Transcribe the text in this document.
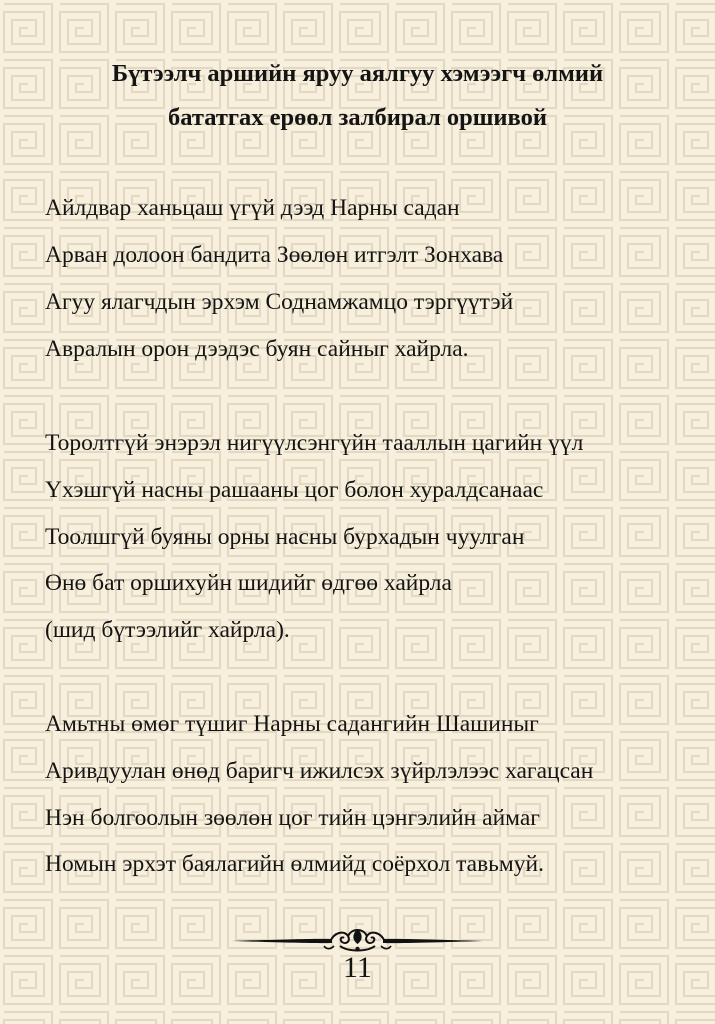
Бүтээлч аршийн яруу аялгуу хэмээгч өлмий

бататгах ерөөл залбирал оршивой

Айлдвар ханьцаш үгүй дээд Нарны садан

Арван долоон бандита Зөөлөн итгэлт Зонхава

Агуу ялагчдын эрхэм Соднамжамцо тэргүүтэй

Авралын орон дээдэс буян сайныг хайрла.

Торолтгүй энэрэл нигүүлсэнгүйн тааллын цагийн үүл

Үхэшгүй насны рашааны цог болон хуралдсанаас

Тоолшгүй буяны орны насны бурхадын чуулган

Өнө бат оршихуйн шидийг өдгөө хайрла

(шид бүтээлийг хайрла).

Амьтны өмөг түшиг Нарны садангийн Шашиныг

Аривдуулан өнөд баригч ижилсэх зүйрлэлээс хагацсан

Нэн болгоолын зөөлөн цог тийн цэнгэлийн аймаг

Номын эрхэт баялагийн өлмийд соёрхол тавьмуй.

11
